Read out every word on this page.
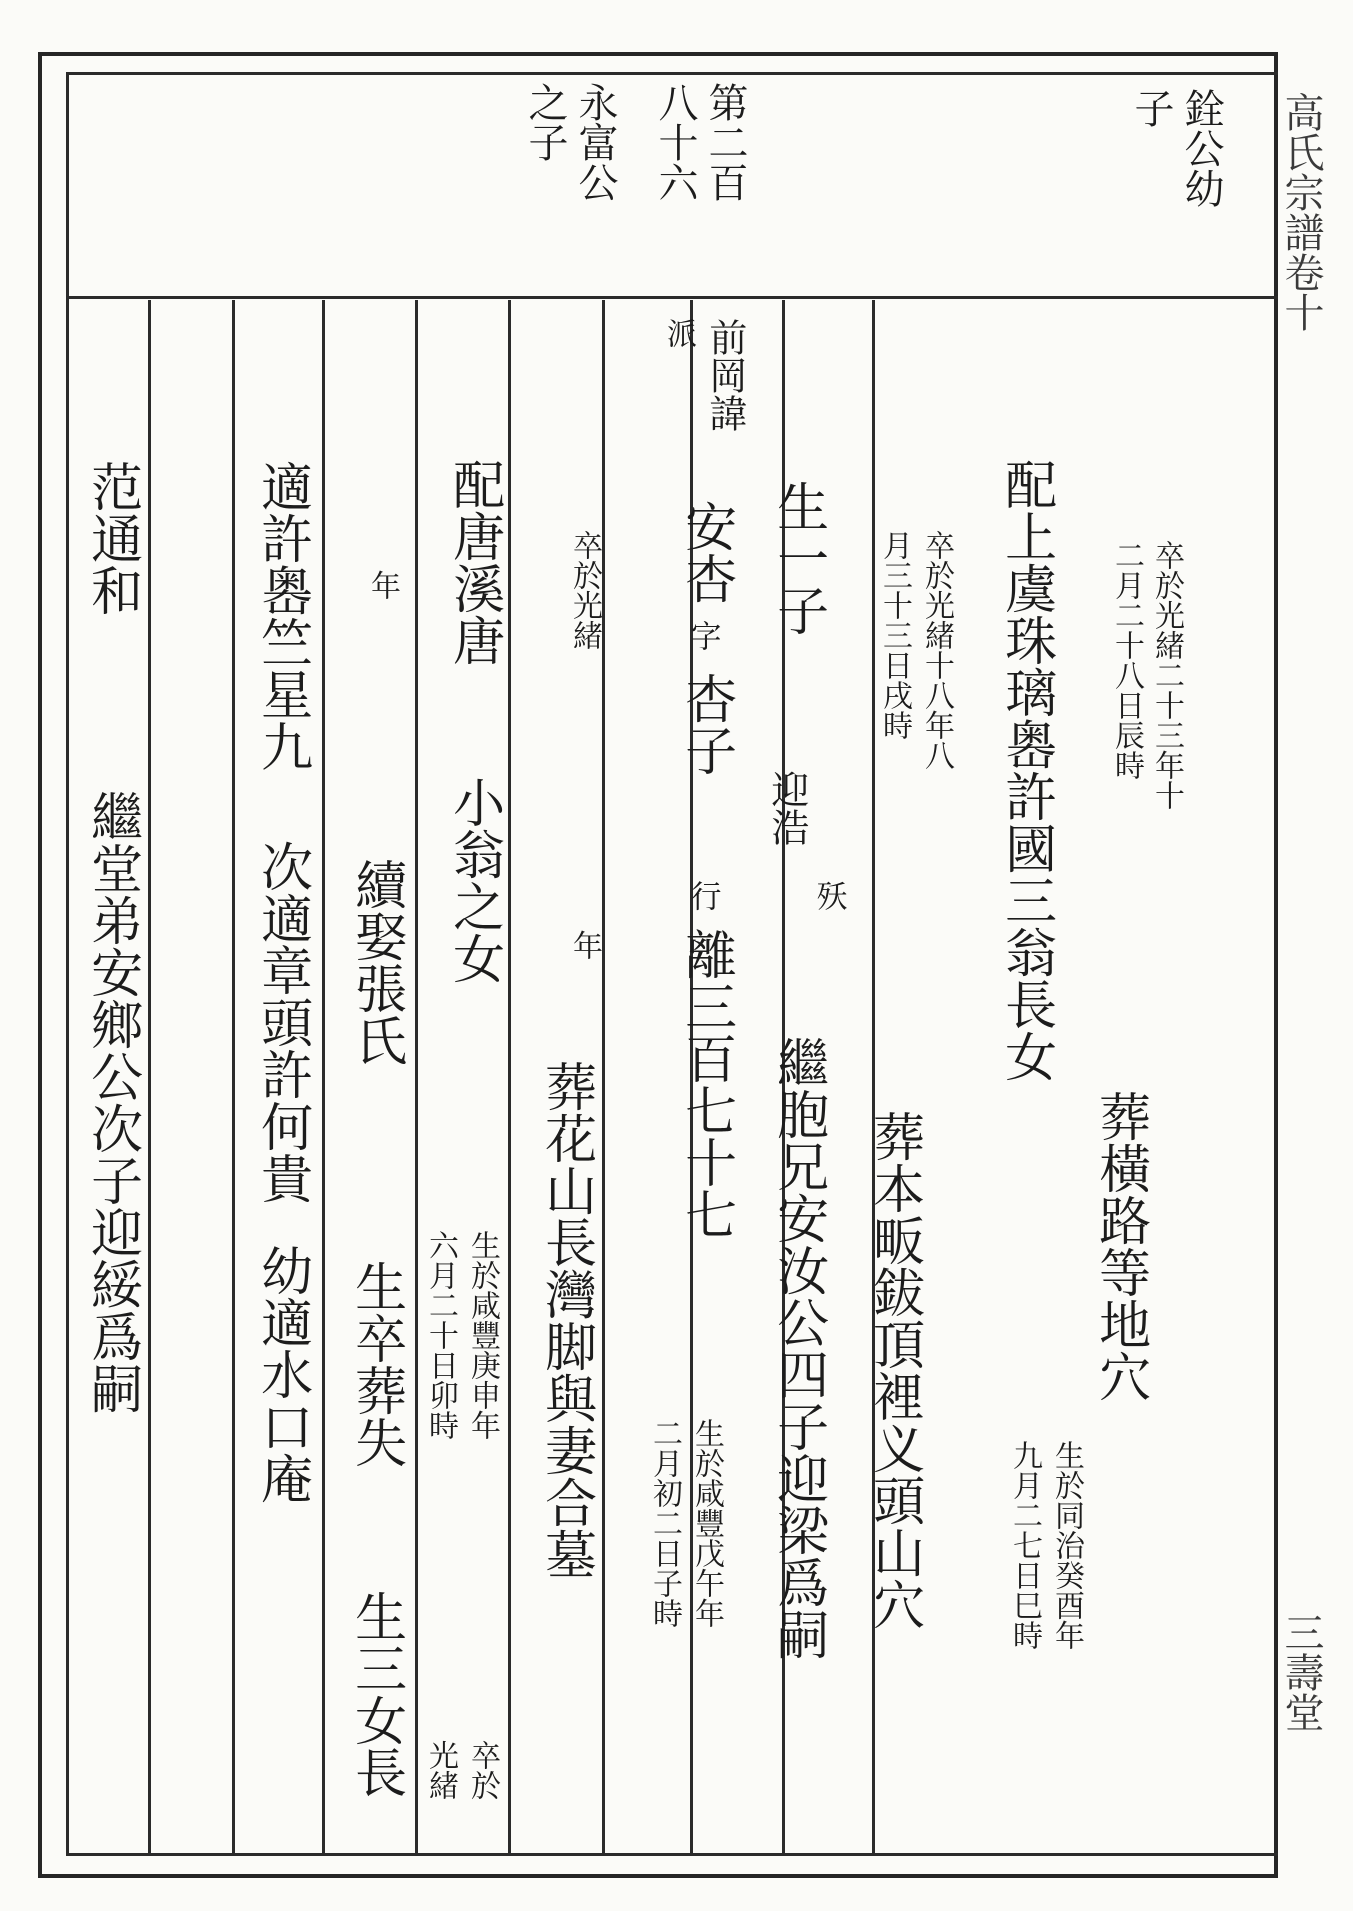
高氏宗譜卷十
三壽堂
銓公幼
子
第二百
八十六
永富公
之子
卒於光緒二十三年十
二月二十八日辰時
葬橫路等地穴
生於同治癸酉年
九月二七日巳時
配上虞珠璃嶴許國三翁長女
卒於光緒十八年八
月三十三日戌時
葬本畈鈸頂裡义頭山穴
生一子
迎浩
殀
繼胞兄安汝公四子迎梁爲嗣
前岡諱
派
安杏
字
杏子
行
離三百七十七
生於咸豐戊午年
二月初二日子時
卒於光緒
年
葬花山長灣脚與妻合墓
配唐溪唐
小翁之女
生於咸豐庚申年
六月二十日卯時
卒於
光緒
年
續娶張氏
生卒葬失
生三女長
適許嶴竺星九
次適章頭許何貴
幼適水口庵
范通和
繼堂弟安鄉公次子迎綏爲嗣
